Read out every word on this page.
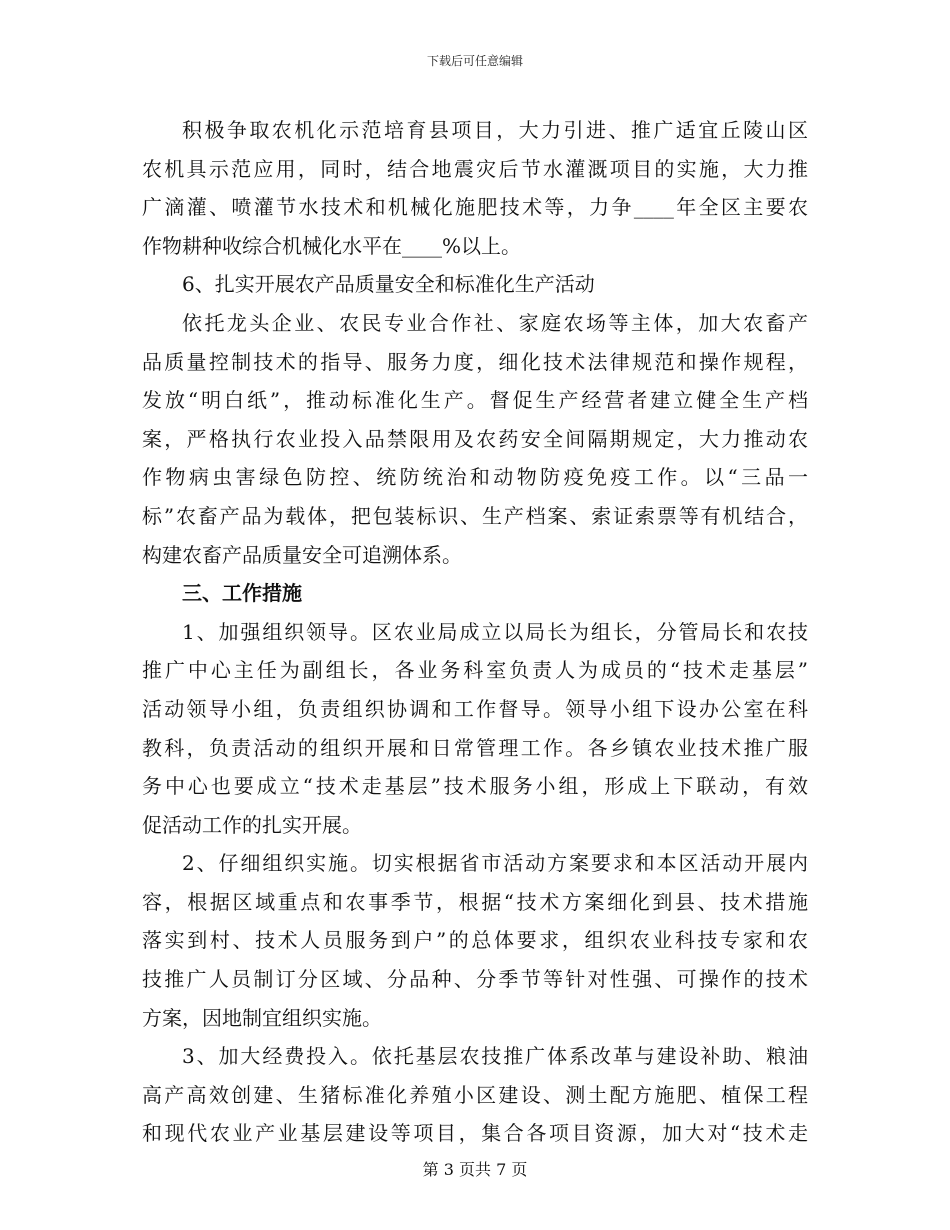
下载后可任意编辑
积极争取农机化示范培育县项目，大力引进、推广适宜丘陵山区
农机具示范应用，同时，结合地震灾后节水灌溉项目的实施，大力推
广滴灌、喷灌节水技术和机械化施肥技术等，力争____年全区主要农
作物耕种收综合机械化水平在____%以上。
6、扎实开展农产品质量安全和标准化生产活动
依托龙头企业、农民专业合作社、家庭农场等主体，加大农畜产
品质量控制技术的指导、服务力度，细化技术法律规范和操作规程，
发放“明白纸”，推动标准化生产。督促生产经营者建立健全生产档
案，严格执行农业投入品禁限用及农药安全间隔期规定，大力推动农
作物病虫害绿色防控、统防统治和动物防疫免疫工作。以“三品一
标”农畜产品为载体，把包装标识、生产档案、索证索票等有机结合，
构建农畜产品质量安全可追溯体系。
三、工作措施
1、加强组织领导。区农业局成立以局长为组长，分管局长和农技
推广中心主任为副组长，各业务科室负责人为成员的“技术走基层”
活动领导小组，负责组织协调和工作督导。领导小组下设办公室在科
教科，负责活动的组织开展和日常管理工作。各乡镇农业技术推广服
务中心也要成立“技术走基层”技术服务小组，形成上下联动，有效
促活动工作的扎实开展。
2、仔细组织实施。切实根据省市活动方案要求和本区活动开展内
容，根据区域重点和农事季节，根据“技术方案细化到县、技术措施
落实到村、技术人员服务到户”的总体要求，组织农业科技专家和农
技推广人员制订分区域、分品种、分季节等针对性强、可操作的技术
方案，因地制宜组织实施。
3、加大经费投入。依托基层农技推广体系改革与建设补助、粮油
高产高效创建、生猪标准化养殖小区建设、测土配方施肥、植保工程
和现代农业产业基层建设等项目，集合各项目资源，加大对“技术走
第 3 页共 7 页
